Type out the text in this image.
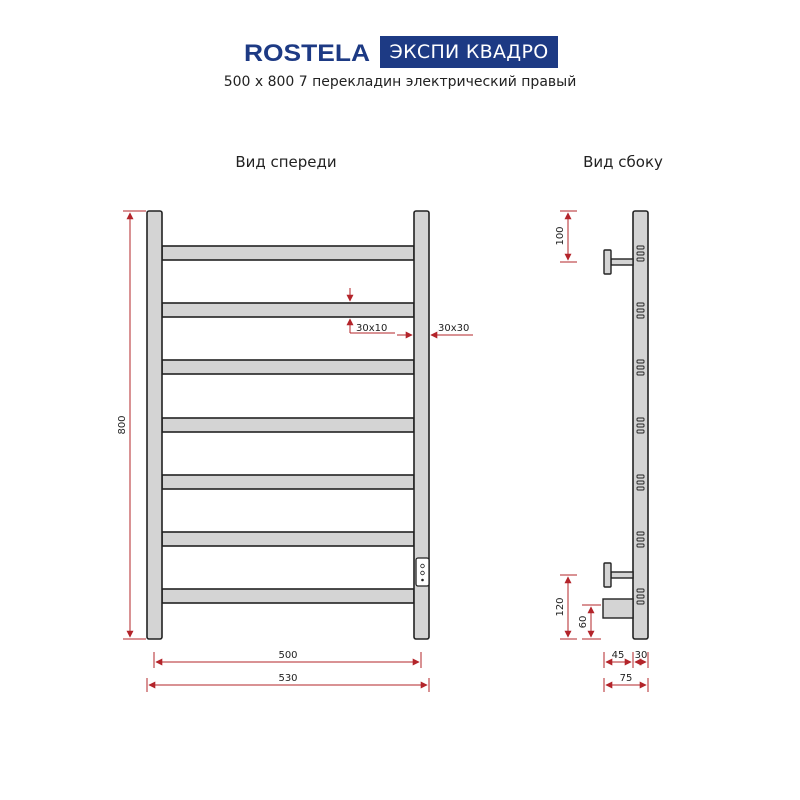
ROSTELA	ЭКСПИ КВАДРО
500 x 800 7 перекладин электрический правый
Вид спереди
800
30x10	30x30
500
530
Вид сбоку
100
120
60
45 30
75
